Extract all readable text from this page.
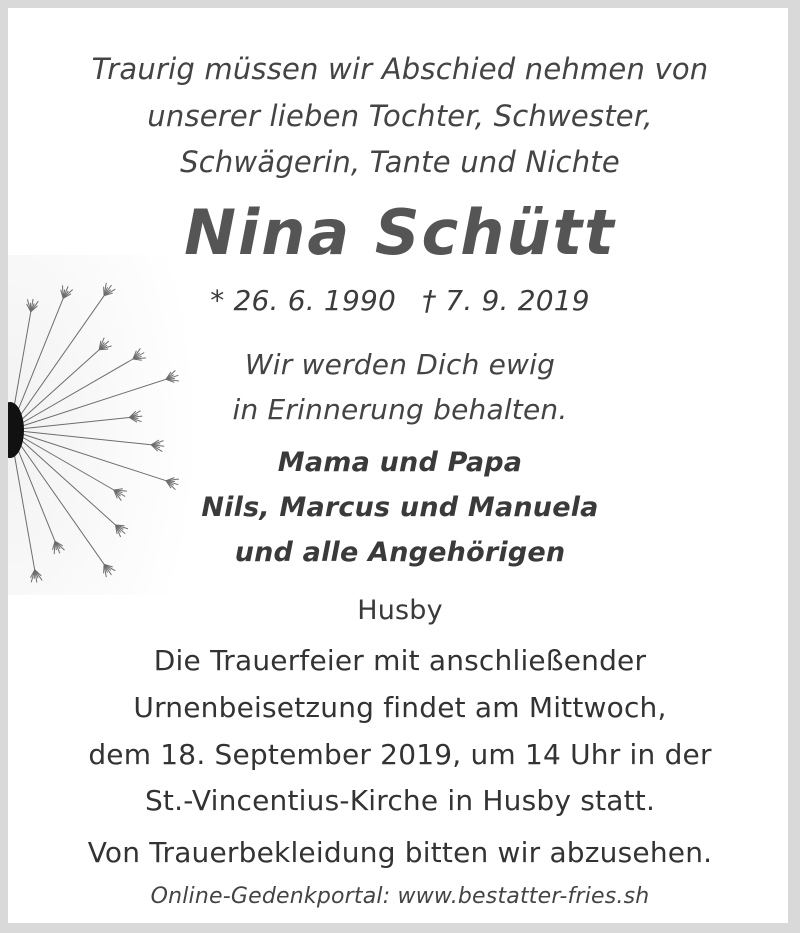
Traurig müssen wir Abschied nehmen von
unserer lieben Tochter, Schwester,
Schwägerin, Tante und Nichte
Nina Schütt
* 26. 6. 1990 † 7. 9. 2019
Wir werden Dich ewig
in Erinnerung behalten.
Mama und Papa
Nils, Marcus und Manuela
und alle Angehörigen
Husby
Die Trauerfeier mit anschließender
Urnenbeisetzung findet am Mittwoch,
dem 18. September 2019, um 14 Uhr in der
St.-Vincentius-Kirche in Husby statt.
Von Trauerbekleidung bitten wir abzusehen.
Online-Gedenkportal: www.bestatter-fries.sh
